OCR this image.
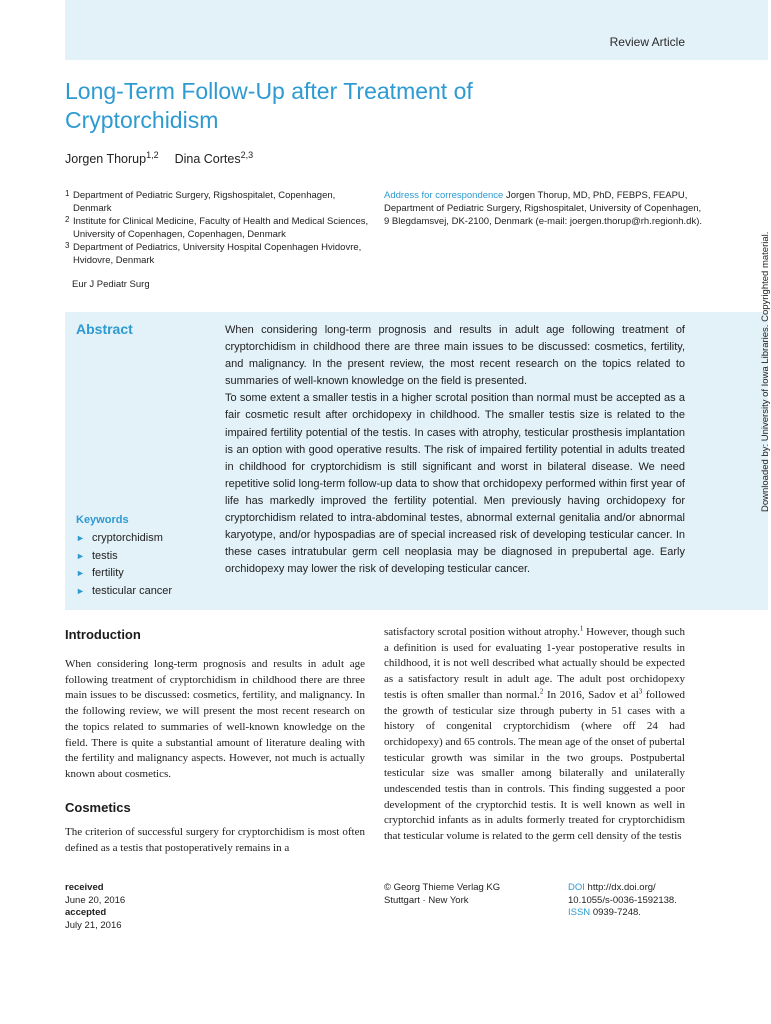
Review Article
Long-Term Follow-Up after Treatment of Cryptorchidism
Jorgen Thorup$^{1,2}$ Dina Cortes$^{2,3}$
1 Department of Pediatric Surgery, Rigshospitalet, Copenhagen, Denmark
2 Institute for Clinical Medicine, Faculty of Health and Medical Sciences, University of Copenhagen, Copenhagen, Denmark
3 Department of Pediatrics, University Hospital Copenhagen Hvidovre, Hvidovre, Denmark
Eur J Pediatr Surg
Address for correspondence Jorgen Thorup, MD, PhD, FEBPS, FEAPU, Department of Pediatric Surgery, Rigshospitalet, University of Copenhagen, 9 Blegdamsvej, DK-2100, Denmark (e-mail: joergen.thorup@rh.regionh.dk).
Abstract	When considering long-term prognosis and results in adult age following treatment of cryptorchidism in childhood there are three main issues to be discussed: cosmetics, fertility, and malignancy. In the present review, the most recent research on the topics related to summaries of well-known knowledge on the field is presented.

To some extent a smaller testis in a higher scrotal position than normal must be accepted as a fair cosmetic result after orchidopexy in childhood. The smaller testis size is related to the impaired fertility potential of the testis. In cases with atrophy, testicular prosthesis implantation is an option with good operative results. The risk of impaired fertility potential in adults treated in childhood for cryptorchidism is still significant and worst in bilateral disease. We need repetitive solid long-term follow-up data to show that orchidopexy performed within first year of life has markedly improved the fertility potential. Men previously having orchidopexy for cryptorchidism related to intra-abdominal testes, abnormal external genitalia and/or abnormal karyotype, and/or hypospadias are of special increased risk of developing testicular cancer. In these cases intratubular germ cell neoplasia may be diagnosed in prepubertal age. Early orchidopexy may lower the risk of developing testicular cancer.

Keywords
► cryptorchidism
► testis
► fertility
► testicular cancer
Downloaded by: University of Iowa Libraries. Copyrighted material.
Introduction
When considering long-term prognosis and results in adult age following treatment of cryptorchidism in childhood there are three main issues to be discussed: cosmetics, fertility, and malignancy. In the following review, we will present the most recent research on the topics related to summaries of well-known knowledge on the field. There is quite a substantial amount of literature dealing with the fertility and malignancy aspects. However, not much is actually known about cosmetics.
Cosmetics
The criterion of successful surgery for cryptorchidism is most often defined as a testis that postoperatively remains in a
satisfactory scrotal position without atrophy.$^1$ However, though such a definition is used for evaluating 1-year postoperative results in childhood, it is not well described what actually should be expected as a satisfactory result in adult age. The adult post orchidopexy testis is often smaller than normal.$^2$ In 2016, Sadov et $al^3$ followed the growth of testicular size through puberty in 51 cases with a history of congenital cryptorchidism (where off 24 had orchidopexy) and 65 controls. The mean age of the onset of pubertal testicular growth was similar in the two groups. Postpubertal testicular size was smaller among bilaterally and unilaterally undescended testis than in controls. This finding suggested a poor development of the cryptorchid testis. It is well known as well in cryptorchid infants as in adults formerly treated for cryptorchidism that testicular volume is related to the germ cell density of the testis
received
June 20, 2016
accepted
July 21, 2016
© Georg Thieme Verlag KG
Stuttgart · New York
DOI http://dx.doi.org/
10.1055/s-0036-1592138.
ISSN 0939-7248.
